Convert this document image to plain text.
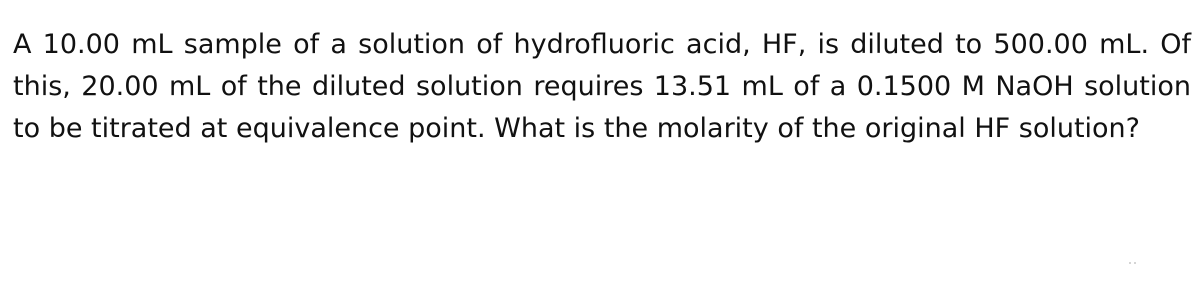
A 10.00 mL sample of a solution of hydrofluoric acid, HF, is diluted to 500.00 mL. Of this, 20.00 mL of the diluted solution requires 13.51 mL of a 0.1500 M NaOH solution to be titrated at equivalence point. What is the molarity of the original HF solution?
